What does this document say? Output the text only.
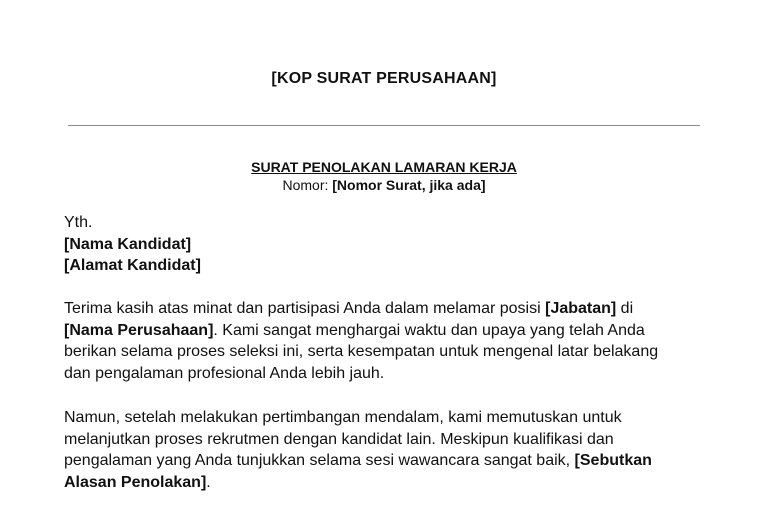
[KOP SURAT PERUSAHAAN]
SURAT PENOLAKAN LAMARAN KERJA
Nomor: [Nomor Surat, jika ada]
Yth.
[Nama Kandidat]
[Alamat Kandidat]
Terima kasih atas minat dan partisipasi Anda dalam melamar posisi [Jabatan] di
[Nama Perusahaan]. Kami sangat menghargai waktu dan upaya yang telah Anda
berikan selama proses seleksi ini, serta kesempatan untuk mengenal latar belakang
dan pengalaman profesional Anda lebih jauh.
Namun, setelah melakukan pertimbangan mendalam, kami memutuskan untuk
melanjutkan proses rekrutmen dengan kandidat lain. Meskipun kualifikasi dan
pengalaman yang Anda tunjukkan selama sesi wawancara sangat baik, [Sebutkan
Alasan Penolakan].
